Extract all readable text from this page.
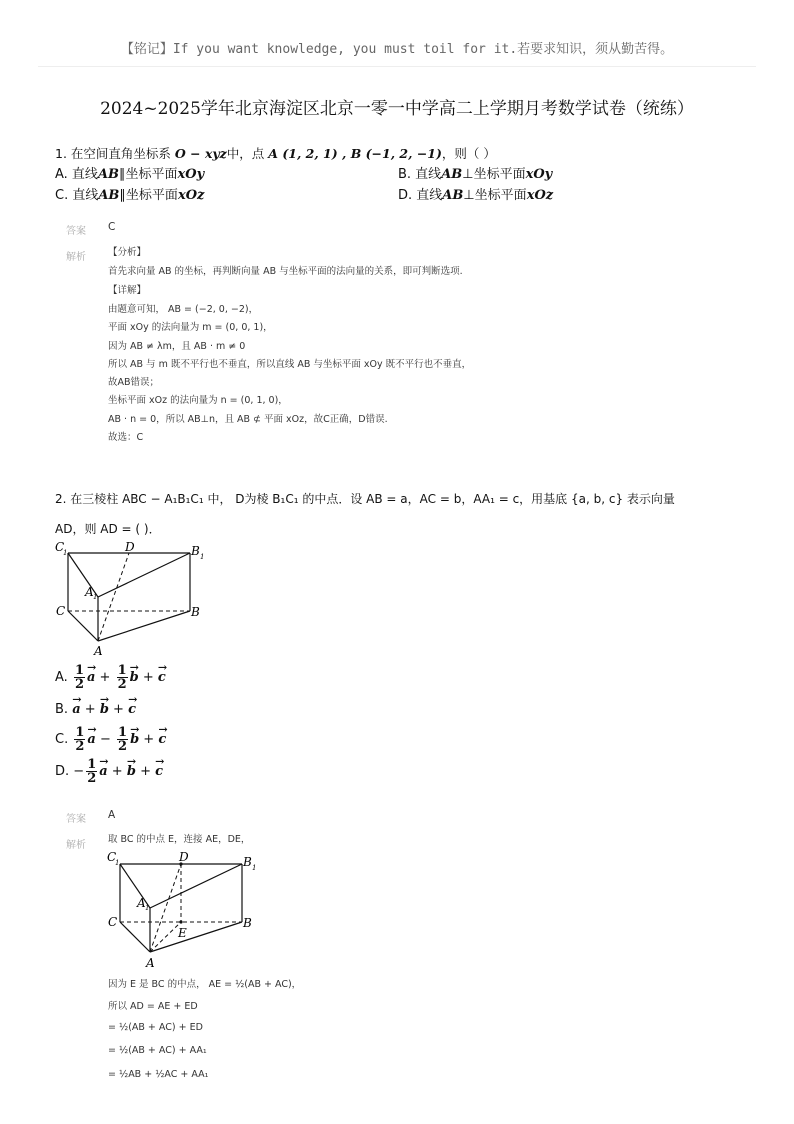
【铭记】If you want knowledge, you must toil for it.若要求知识，须从勤苦得。
2024~2025学年北京海淀区北京一零一中学高二上学期月考数学试卷（统练）
1. 在空间直角坐标系 O − xyz中，点 A (1, 2, 1) , B (−1, 2, −1)，则（ ）
A. 直线AB∥坐标平面xOy	B. 直线AB⊥坐标平面xOy
C. 直线AB∥坐标平面xOz	D. 直线AB⊥坐标平面xOz
答案 C
解析 【分析】
首先求向量 AB 的坐标，再判断向量 AB 与坐标平面的法向量的关系，即可判断选项.
【详解】
由题意可知， AB = (−2, 0, −2)，
平面 xOy 的法向量为 m = (0, 0, 1)，
因为 AB ≠ λm，且 AB · m ≠ 0
所以 AB 与 m 既不平行也不垂直，所以直线 AB 与坐标平面 xOy 既不平行也不垂直，
故AB错误；
坐标平面 xOz 的法向量为 n = (0, 1, 0)，
AB · n = 0，所以 AB⊥n，且 AB ⊄ 平面 xOz，故C正确，D错误.
故选：C
2. 在三棱柱 ABC − A₁B₁C₁ 中， D为棱 B₁C₁ 的中点．设 AB = a，AC = b，AA₁ = c，用基底 {a, b, c} 表示向量
AD，则 AD = ( )．
C
1	D	B 1
A 1
C	B
A
A. $\frac{1}{2}$
→ $a + \frac{1}{2}$
→ b + → c
B. → a + → b + → c
C. $\frac{1}{2}$
→ $a - \frac{1}{2}$
→ b + → c
D. − $\frac{1}{2}$
→ a + → b + → c
答案 A
解析
取 BC 的中点 E，连接 AE，DE，
C
1	D	B 1
A 1
C	B
E
A
因为 E 是 BC 的中点， AE = ½(AB + AC)，
所以 AD = AE + ED
= ½(AB + AC) + ED
= ½(AB + AC) + AA₁
= ½AB + ½AC + AA₁
